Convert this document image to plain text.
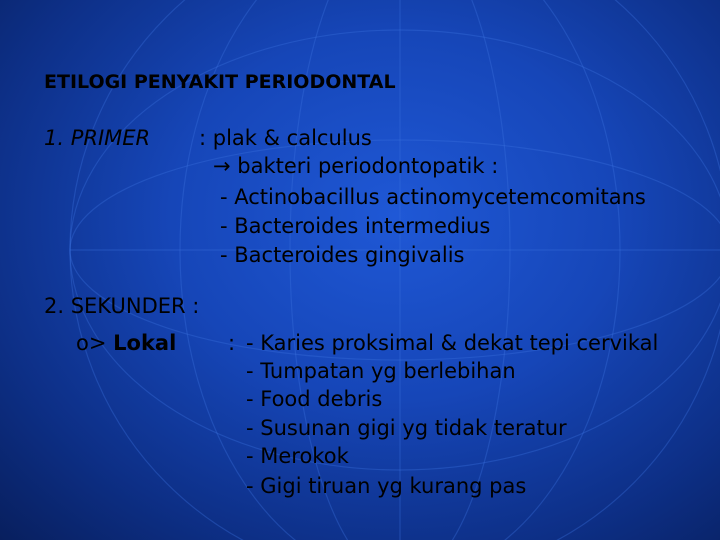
ETILOGI PENYAKIT PERIODONTAL
1. PRIMER : plak & calculus
→ bakteri periodontopatik :
- Actinobacillus actinomycetemcomitans
- Bacteroides intermedius
- Bacteroides gingivalis
2. SEKUNDER :
o> Lokal : - Karies proksimal & dekat tepi cervikal
- Tumpatan yg berlebihan
- Food debris
- Susunan gigi yg tidak teratur
- Merokok
- Gigi tiruan yg kurang pas
